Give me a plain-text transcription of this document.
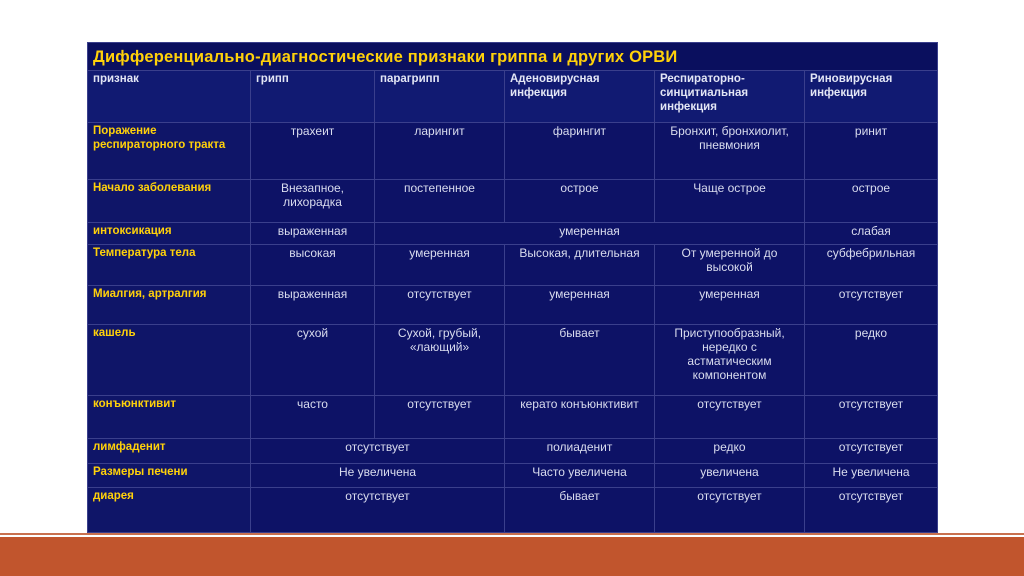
Дифференциально-диагностические признаки гриппа и других ОРВИ					
признак	грипп	парагрипп	Аденовирусная инфекция	Респираторно-синцитиальная инфекция	Риновирусная инфекция
Поражение респираторного тракта	трахеит	ларингит	фарингит	Бронхит, бронхиолит, пневмония	ринит
Начало заболевания	Внезапное, лихорадка	постепенное	острое	Чаще острое	острое
интоксикация	выраженная	умеренная			слабая
Температура тела	высокая	умеренная	Высокая, длительная	От умеренной до высокой	субфебрильная
Миалгия, артралгия	выраженная	отсутствует	умеренная	умеренная	отсутствует
кашель	сухой	Сухой, грубый, «лающий»	бывает	Приступообразный, нередко с астматическим компонентом	редко
конъюнктивит	часто	отсутствует	керато конъюнктивит	отсутствует	отсутствует
лимфаденит	отсутствует		полиаденит	редко	отсутствует
Размеры печени	Не увеличена		Часто увеличена	увеличена	Не увеличена
диарея	отсутствует		бывает	отсутствует	отсутствует
